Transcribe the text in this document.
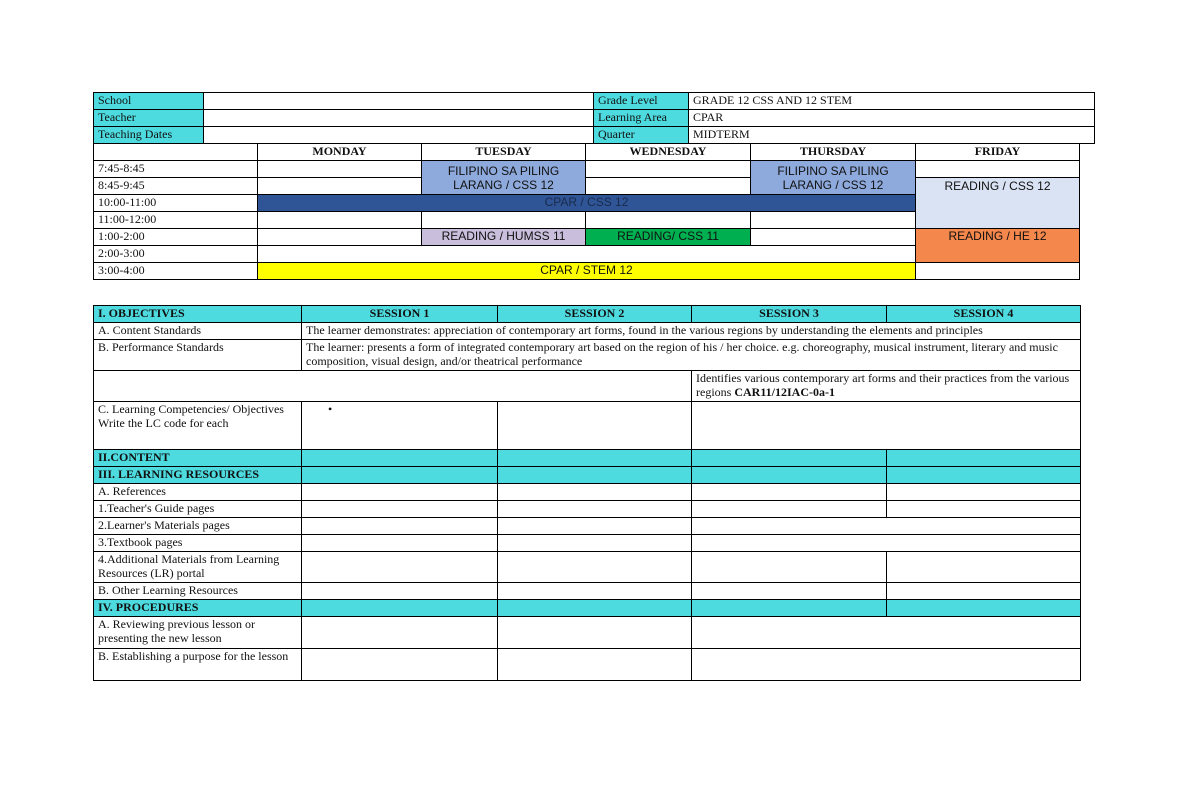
School		Grade Level	GRADE 12 CSS AND 12 STEM
Teacher		Learning Area	CPAR
Teaching Dates		Quarter	MIDTERM
	MONDAY	TUESDAY	WEDNESDAY	THURSDAY	FRIDAY
7:45-8:45		FILIPINO SA PILING LARANG / CSS 12		FILIPINO SA PILING LARANG / CSS 12	
8:45-9:45					READING / CSS 12
10:00-11:00	CPAR / CSS 12				
11:00-12:00					
1:00-2:00		READING / HUMSS 11	READING/ CSS 11		READING / HE 12
2:00-3:00					
3:00-4:00	CPAR / STEM 12				
I. OBJECTIVES	SESSION 1	SESSION 2	SESSION 3	SESSION 4
A. Content Standards	The learner demonstrates: appreciation of contemporary art forms, found in the various regions by understanding the elements and principles			
B. Performance Standards	The learner: presents a form of integrated contemporary art based on the region of his / her choice. e.g. choreography, musical instrument, literary and music composition, visual design, and/or theatrical performance			
			Identifies various contemporary art forms and their practices from the various regions CAR11/12IAC-0a-1	
C. Learning Competencies/ Objectives Write the LC code for each	•			
II.CONTENT				
III. LEARNING RESOURCES				
A. References				
1.Teacher's Guide pages				
2.Learner's Materials pages				
3.Textbook pages				
4.Additional Materials from Learning Resources (LR) portal				
B. Other Learning Resources				
IV. PROCEDURES				
A. Reviewing previous lesson or presenting the new lesson				
B. Establishing a purpose for the lesson				
